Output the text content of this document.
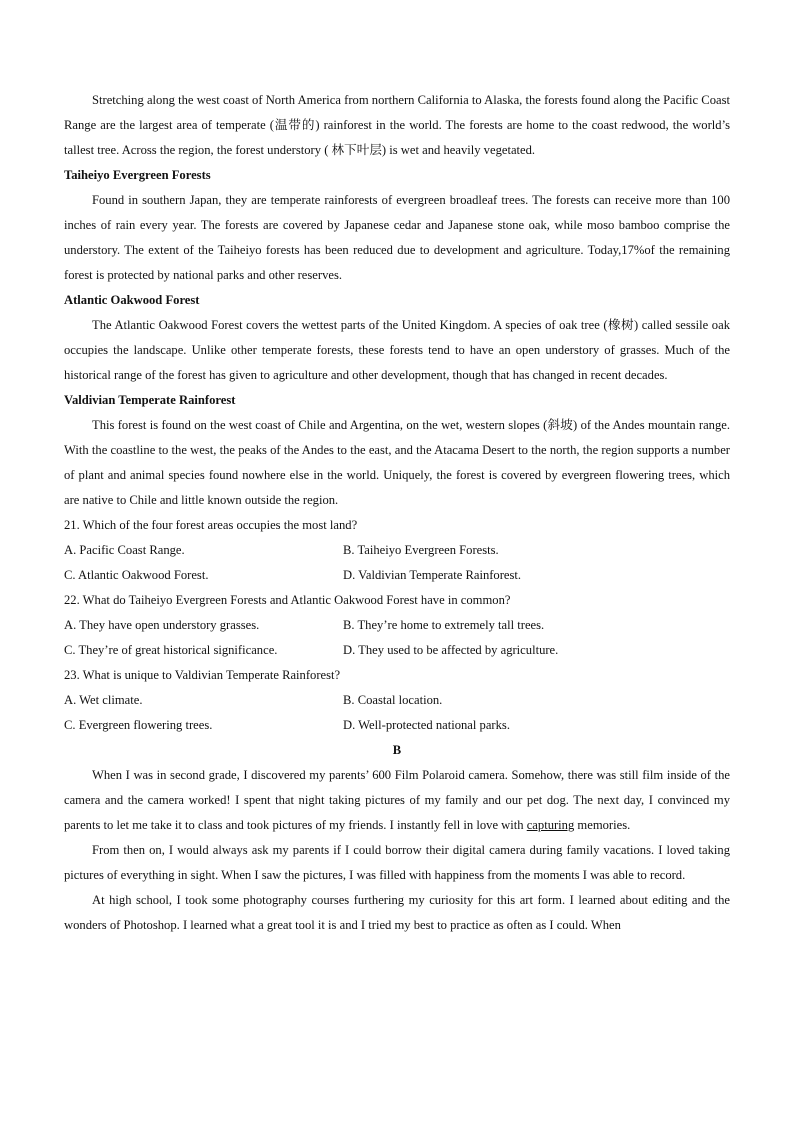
Stretching along the west coast of North America from northern California to Alaska, the forests found along the Pacific Coast Range are the largest area of temperate (温带的) rainforest in the world. The forests are home to the coast redwood, the world’s tallest tree. Across the region, the forest understory ( 林下叶层) is wet and heavily vegetated.

Taiheiyo Evergreen Forests

Found in southern Japan, they are temperate rainforests of evergreen broadleaf trees. The forests can receive more than 100 inches of rain every year. The forests are covered by Japanese cedar and Japanese stone oak, while moso bamboo comprise the understory. The extent of the Taiheiyo forests has been reduced due to development and agriculture. Today,17%of the remaining forest is protected by national parks and other reserves.

Atlantic Oakwood Forest

The Atlantic Oakwood Forest covers the wettest parts of the United Kingdom. A species of oak tree (橡树) called sessile oak occupies the landscape. Unlike other temperate forests, these forests tend to have an open understory of grasses. Much of the historical range of the forest has given to agriculture and other development, though that has changed in recent decades.

Valdivian Temperate Rainforest

This forest is found on the west coast of Chile and Argentina, on the wet, western slopes (斜坡) of the Andes mountain range. With the coastline to the west, the peaks of the Andes to the east, and the Atacama Desert to the north, the region supports a number of plant and animal species found nowhere else in the world. Uniquely, the forest is covered by evergreen flowering trees, which are native to Chile and little known outside the region.

21. Which of the four forest areas occupies the most land?

A. Pacific Coast Range.	B. Taiheiyo Evergreen Forests.
C. Atlantic Oakwood Forest.	D. Valdivian Temperate Rainforest.

22. What do Taiheiyo Evergreen Forests and Atlantic Oakwood Forest have in common?

A. They have open understory grasses.	B. They’re home to extremely tall trees.
C. They’re of great historical significance.	D. They used to be affected by agriculture.

23. What is unique to Valdivian Temperate Rainforest?

A. Wet climate.	B. Coastal location.
C. Evergreen flowering trees.	D. Well-protected national parks.

B

When I was in second grade, I discovered my parents’ 600 Film Polaroid camera. Somehow, there was still film inside of the camera and the camera worked! I spent that night taking pictures of my family and our pet dog. The next day, I convinced my parents to let me take it to class and took pictures of my friends. I instantly fell in love with capturing memories.

From then on, I would always ask my parents if I could borrow their digital camera during family vacations. I loved taking pictures of everything in sight. When I saw the pictures, I was filled with happiness from the moments I was able to record.

At high school, I took some photography courses furthering my curiosity for this art form. I learned about editing and the wonders of Photoshop. I learned what a great tool it is and I tried my best to practice as often as I could. When
